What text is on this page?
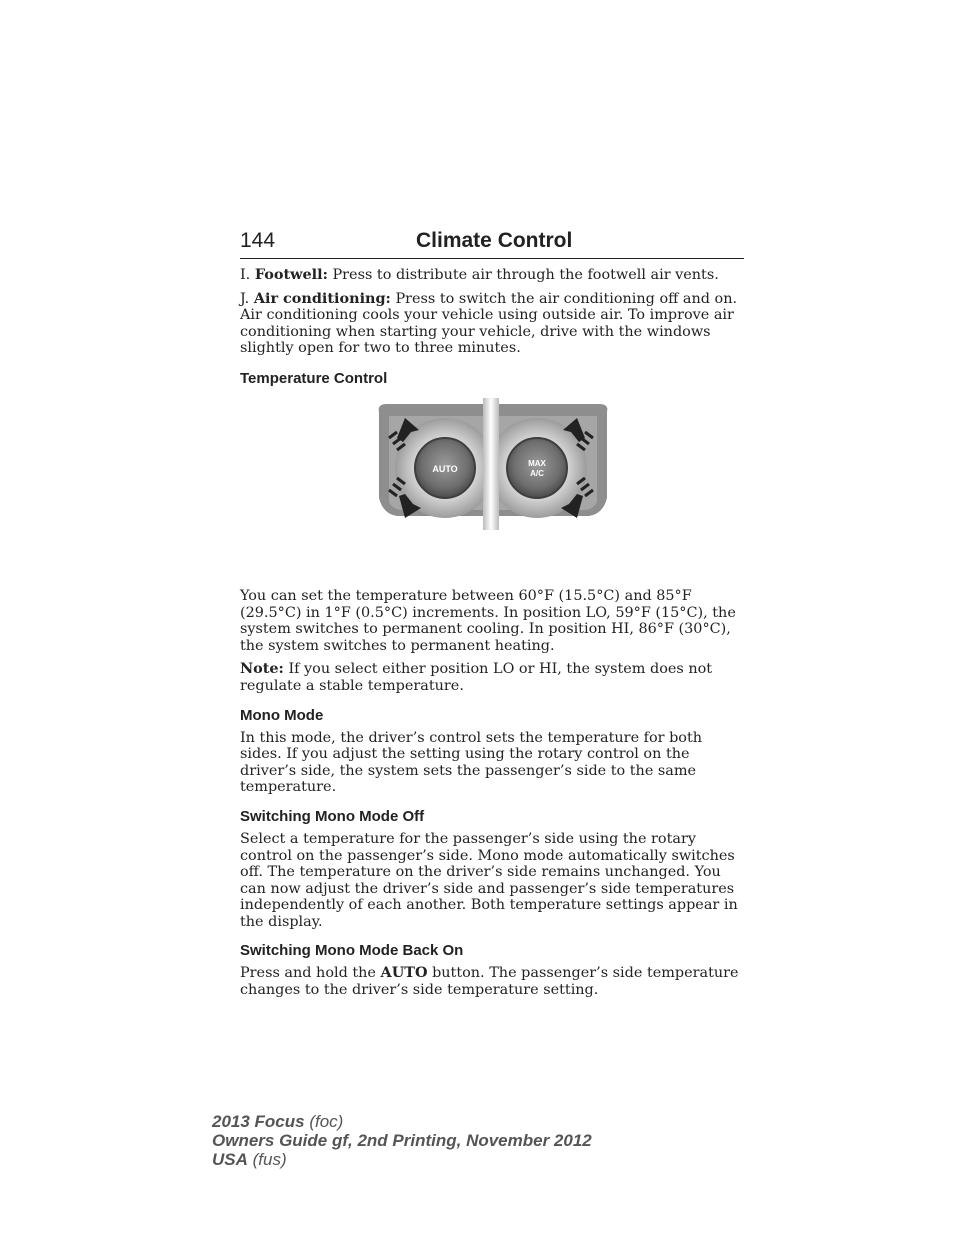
144	Climate Control

I. Footwell: Press to distribute air through the footwell air vents.

J. Air conditioning: Press to switch the air conditioning off and on. Air conditioning cools your vehicle using outside air. To improve air conditioning when starting your vehicle, drive with the windows slightly open for two to three minutes.

Temperature Control
AUTO
MAX
A/C

You can set the temperature between 60°F (15.5°C) and 85°F (29.5°C) in 1°F (0.5°C) increments. In position LO, 59°F (15°C), the system switches to permanent cooling. In position HI, 86°F (30°C), the system switches to permanent heating.

Note: If you select either position LO or HI, the system does not regulate a stable temperature.

Mono Mode

In this mode, the driver’s control sets the temperature for both sides. If you adjust the setting using the rotary control on the driver’s side, the system sets the passenger’s side to the same temperature.

Switching Mono Mode Off

Select a temperature for the passenger’s side using the rotary control on the passenger’s side. Mono mode automatically switches off. The temperature on the driver’s side remains unchanged. You can now adjust the driver’s side and passenger’s side temperatures independently of each another. Both temperature settings appear in the display.

Switching Mono Mode Back On

Press and hold the AUTO button. The passenger’s side temperature changes to the driver’s side temperature setting.

2013 Focus (foc)
Owners Guide gf, 2nd Printing, November 2012
USA (fus)
